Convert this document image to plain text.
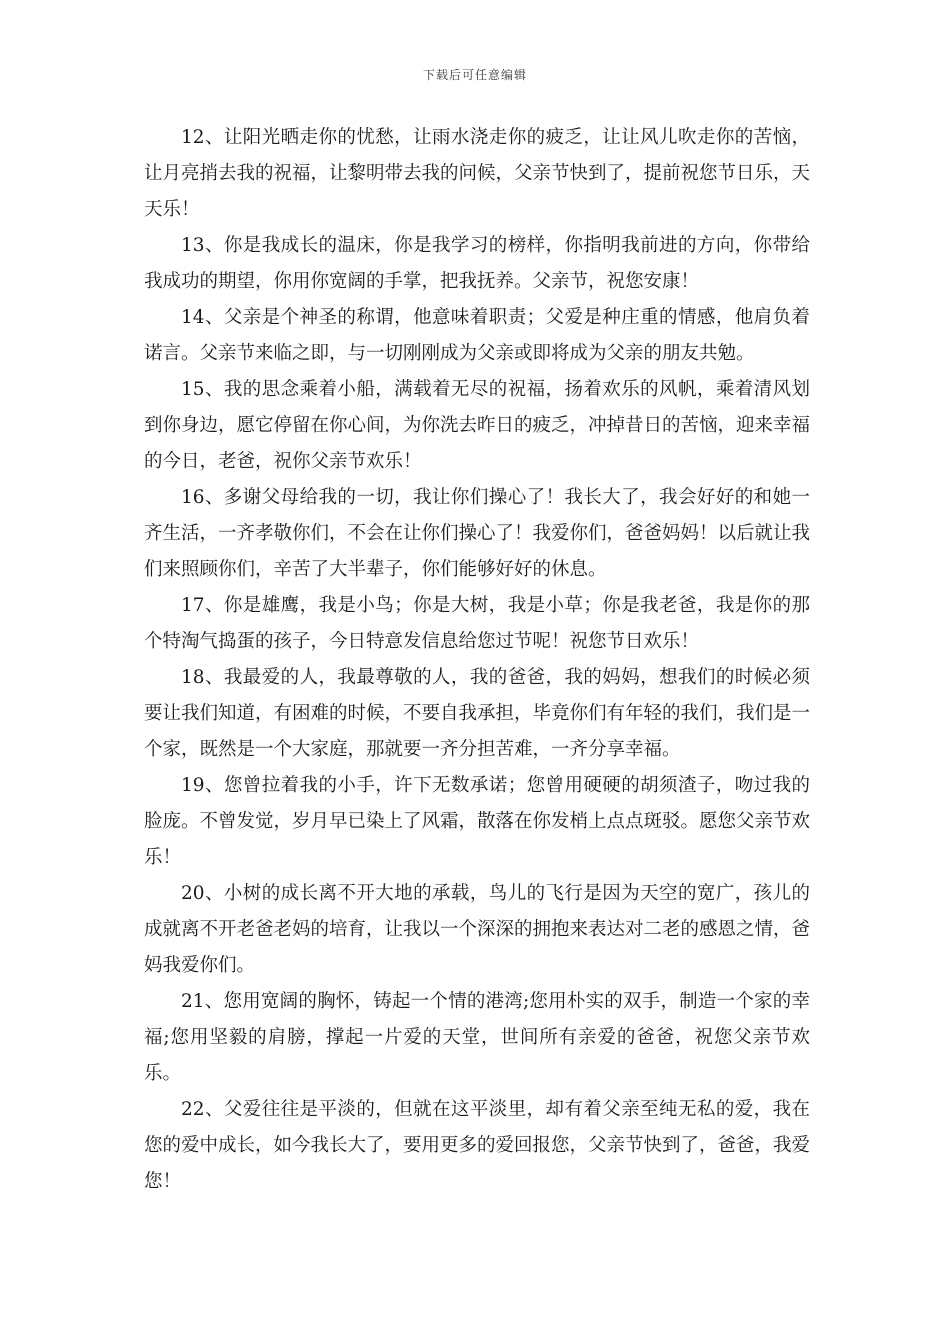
下载后可任意编辑

12、让阳光晒走你的忧愁，让雨水浇走你的疲乏，让让风儿吹走你的苦恼，让月亮捎去我的祝福，让黎明带去我的问候，父亲节快到了，提前祝您节日乐，天天乐！

13、你是我成长的温床，你是我学习的榜样，你指明我前进的方向，你带给我成功的期望，你用你宽阔的手掌，把我抚养。父亲节，祝您安康！

14、父亲是个神圣的称谓，他意味着职责；父爱是种庄重的情感，他肩负着诺言。父亲节来临之即，与一切刚刚成为父亲或即将成为父亲的朋友共勉。

15、我的思念乘着小船，满载着无尽的祝福，扬着欢乐的风帆，乘着清风划到你身边，愿它停留在你心间，为你洗去昨日的疲乏，冲掉昔日的苦恼，迎来幸福的今日，老爸，祝你父亲节欢乐！

16、多谢父母给我的一切，我让你们操心了！我长大了，我会好好的和她一齐生活，一齐孝敬你们，不会在让你们操心了！我爱你们，爸爸妈妈！以后就让我们来照顾你们，辛苦了大半辈子，你们能够好好的休息。

17、你是雄鹰，我是小鸟；你是大树，我是小草；你是我老爸，我是你的那个特淘气捣蛋的孩子，今日特意发信息给您过节呢！祝您节日欢乐！

18、我最爱的人，我最尊敬的人，我的爸爸，我的妈妈，想我们的时候必须要让我们知道，有困难的时候，不要自我承担，毕竟你们有年轻的我们，我们是一个家，既然是一个大家庭，那就要一齐分担苦难，一齐分享幸福。

19、您曾拉着我的小手，许下无数承诺；您曾用硬硬的胡须渣子，吻过我的脸庞。不曾发觉，岁月早已染上了风霜，散落在你发梢上点点斑驳。愿您父亲节欢乐！

20、小树的成长离不开大地的承载，鸟儿的飞行是因为天空的宽广，孩儿的成就离不开老爸老妈的培育，让我以一个深深的拥抱来表达对二老的感恩之情，爸妈我爱你们。

21、您用宽阔的胸怀，铸起一个情的港湾;您用朴实的双手，制造一个家的幸福;您用坚毅的肩膀，撑起一片爱的天堂，世间所有亲爱的爸爸，祝您父亲节欢乐。

22、父爱往往是平淡的，但就在这平淡里，却有着父亲至纯无私的爱，我在您的爱中成长，如今我长大了，要用更多的爱回报您，父亲节快到了，爸爸，我爱您！
